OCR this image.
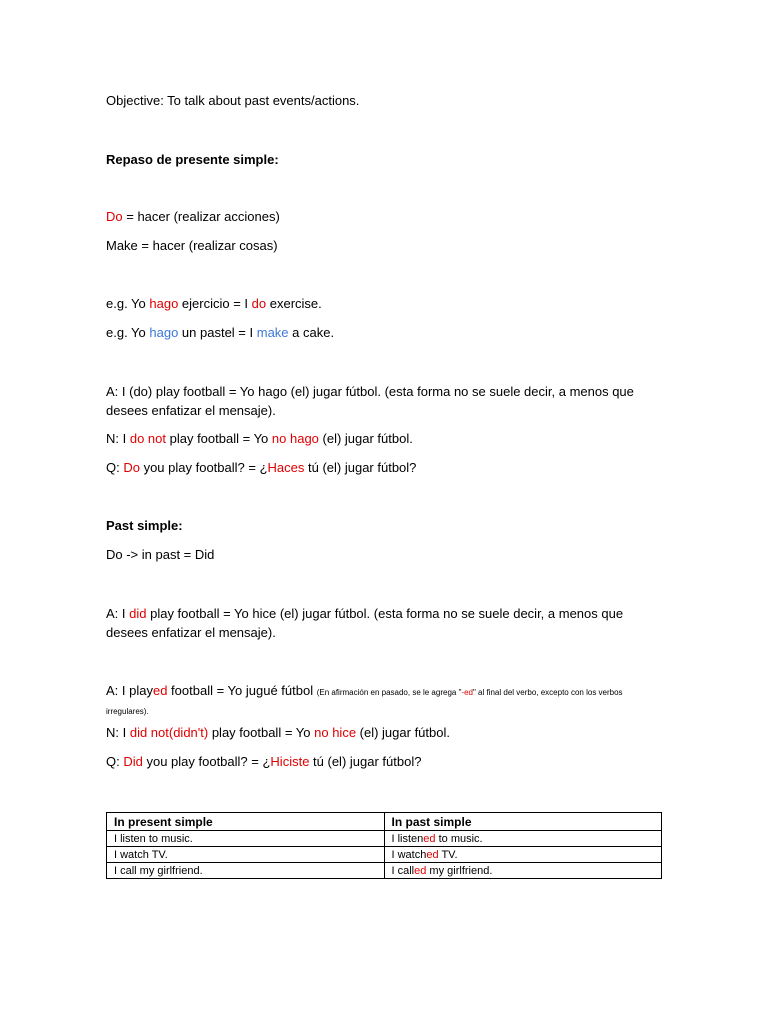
Objective: To talk about past events/actions.
Repaso de presente simple:
Do = hacer (realizar acciones)
Make = hacer (realizar cosas)
e.g. Yo hago ejercicio = I do exercise.
e.g. Yo hago un pastel = I make a cake.
A: I (do) play football = Yo hago (el) jugar fútbol. (esta forma no se suele decir, a menos que desees enfatizar el mensaje).
N: I do not play football = Yo no hago (el) jugar fútbol.
Q: Do you play football? = ¿Haces tú (el) jugar fútbol?
Past simple:
Do -> in past = Did
A: I did play football = Yo hice (el) jugar fútbol. (esta forma no se suele decir, a menos que desees enfatizar el mensaje).
A: I played football = Yo jugué fútbol (En afirmación en pasado, se le agrega "-ed" al final del verbo, excepto con los verbos irregulares).
N: I did not(didn't) play football = Yo no hice (el) jugar fútbol.
Q: Did you play football? = ¿Hiciste tú (el) jugar fútbol?
In present simple	In past simple
I listen to music.	I listened to music.
I watch TV.	I watched TV.
I call my girlfriend.	I called my girlfriend.
